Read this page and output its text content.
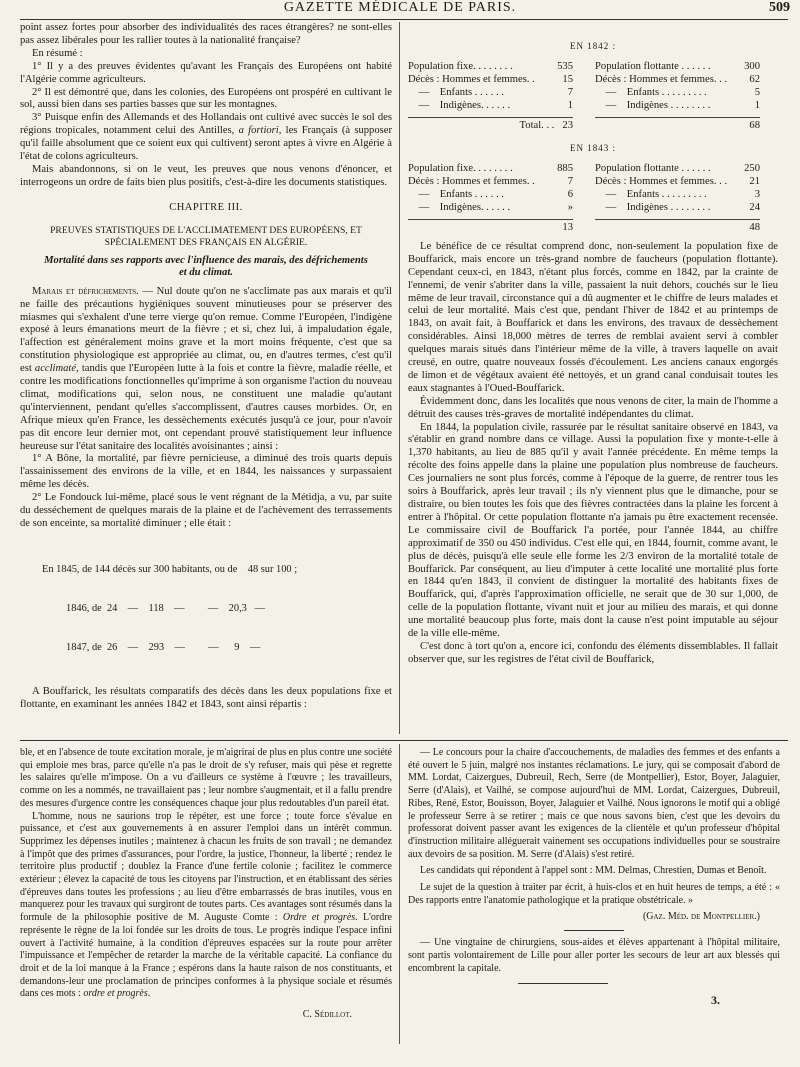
GAZETTE MÉDICALE DE PARIS.	509

point assez fortes pour absorber des individualités des races étrangères? ne sont-elles pas assez libérales pour les rallier toutes à la nationalité française?

En résumé :

1° Il y a des preuves évidentes qu'avant les Français des Européens ont habité l'Algérie comme agriculteurs.

2° Il est démontré que, dans les colonies, des Européens ont prospéré en cultivant le sol, aussi bien dans ses parties basses que sur les montagnes.

3° Puisque enfin des Allemands et des Hollandais ont cultivé avec succès le sol des régions tropicales, notamment celui des Antilles, a fortiori, les Français (à supposer qu'il faille absolument que ce soient eux qui cultivent) seront aptes à vivre en Algérie à l'état de colons agriculteurs.

Mais abandonnons, si on le veut, les preuves que nous venons d'énoncer, et interrogeons un ordre de faits bien plus positifs, c'est-à-dire les documents statistiques.

CHAPITRE III.

PREUVES STATISTIQUES DE L'ACCLIMATEMENT DES EUROPÉENS, ET SPÉCIALEMENT DES FRANÇAIS EN ALGÉRIE.

Mortalité dans ses rapports avec l'influence des marais, des défrichements et du climat.

Marais et défrichements. — Nul doute qu'on ne s'acclimate pas aux marais et qu'il ne faille des précautions hygiéniques souvent minutieuses pour se préserver des miasmes qui s'exhalent d'une terre vierge qu'on remue. Comme l'Européen, l'indigène exposé à leurs émanations meurt de la fièvre ; et si, chez lui, à impaludation égale, l'affection est généralement moins grave et la mort moins fréquente, c'est que sa constitution physiologique est appropriée au climat, ou, en d'autres termes, c'est qu'il est acclimaté, tandis que l'Européen lutte à la fois et contre la fièvre, maladie réelle, et contre les modifications fonctionnelles qu'imprime à son organisme l'action du nouveau climat, modifications qui, selon nous, ne constituent une maladie qu'autant qu'interviennent, pendant qu'elles s'accomplissent, d'autres causes morbides. Or, en Afrique mieux qu'en France, les dessèchements exécutés jusqu'à ce jour, pour n'avoir pas dit encore leur dernier mot, ont cependant prouvé statistiquement leur influence heureuse sur l'état sanitaire des localités avoisinantes ; ainsi :

1° A Bône, la mortalité, par fièvre pernicieuse, a diminué des trois quarts depuis l'assainissement des environs de la ville, et en 1844, les naissances y surpassaient même les décès.

2° Le Fondouck lui-même, placé sous le vent régnant de la Métidja, a vu, par suite du desséchement de quelques marais de la plaine et de l'achèvement des terrassements de son enceinte, sa mortalité diminuer ; elle était :

En 1845, de 144 décès sur 300 habitants, ou de    48 sur 100 ;

1846, de  24    —    118    —         —    20,3   —

1847, de  26    —    293    —         —      9    —

A Bouffarick, les résultats comparatifs des décès dans les deux populations fixe et flottante, en examinant les années 1842 et 1843, sont ainsi répartis :

EN 1842 :
Population fixe. . . . . . . .	535
Décès : Hommes et femmes. .	15
—    Enfants . . . . . .	7
—    Indigènes. . . . . .	1
Population flottante . . . . . .	300
Décès : Hommes et femmes. . . 62
—    Enfants . . . . . . . . .	5
—    Indigènes . . . . . . . .	1
Total. . . 23	68
EN 1843 :
Population fixe. . . . . . . .	885
Décès : Hommes et femmes. .	7
—    Enfants . . . . . .	6
—    Indigènes. . . . . .	»
Population flottante . . . . . .	250
Décès : Hommes et femmes. . . 21
—    Enfants . . . . . . . . .	3
—    Indigènes . . . . . . . .	24
13	48

Le bénéfice de ce résultat comprend donc, non-seulement la population fixe de Bouffarick, mais encore un très-grand nombre de faucheurs (population flottante). Cependant ceux-ci, en 1843, n'étant plus forcés, comme en 1842, par la crainte de l'ennemi, de venir s'abriter dans la ville, passaient la nuit dehors, couchés sur le lieu même de leur travail, circonstance qui a dû augmenter et le chiffre de leurs malades et celui de leur mortalité. Mais c'est que, pendant l'hiver de 1842 et au printemps de 1843, on avait fait, à Bouffarick et dans les environs, des travaux de dessèchement considérables. Ainsi 18,000 mètres de terres de remblai avaient servi à combler quelques marais situés dans l'intérieur même de la ville, à travers laquelle on avait creusé, en outre, quatre nouveaux fossés d'écoulement. Les anciens canaux engorgés de limon et de végétaux avaient été nettoyés, et un grand canal conduisait toutes les eaux stagnantes à l'Oued-Bouffarick.

Évidemment donc, dans les localités que nous venons de citer, la main de l'homme a détruit des causes très-graves de mortalité indépendantes du climat.

En 1844, la population civile, rassurée par le résultat sanitaire observé en 1843, va s'établir en grand nombre dans ce village. Aussi la population fixe y monte-t-elle à 1,370 habitants, au lieu de 885 qu'il y avait l'année précédente. En même temps la récolte des foins appelle dans la plaine une population plus nombreuse de faucheurs. Ces journaliers ne sont plus forcés, comme à l'époque de la guerre, de rentrer tous les soirs à Bouffarick, après leur travail ; ils n'y viennent plus que le dimanche, pour se distraire, ou bien toutes les fois que des fièvres contractées dans la plaine les forcent à entrer à l'hôpital. Or cette population flottante n'a jamais pu être exactement recensée. Le commissaire civil de Bouffarick l'a portée, pour l'année 1844, au chiffre approximatif de 350 ou 450 individus. C'est elle qui, en 1844, fournit, comme avant, le plus de décès, puisqu'à elle seule elle forme les 2/3 environ de la mortalité totale de Bouffarick. Par conséquent, au lieu d'imputer à cette localité une mortalité plus forte en 1844 qu'en 1843, il convient de distinguer la mortalité des habitants fixes de Bouffarick, qui, d'après l'approximation officielle, ne serait que de 30 sur 1,000, de celle de la population flottante, vivant nuit et jour au milieu des marais, et qui donne une mortalité beaucoup plus forte, mais dont la cause n'est point imputable au séjour de la ville elle-même.

C'est donc à tort qu'on a, encore ici, confondu des éléments dissemblables. Il fallait observer que, sur les registres de l'état civil de Bouffarick,

ble, et en l'absence de toute excitation morale, je m'aigrirai de plus en plus contre une société qui emploie mes bras, parce qu'elle n'a pas le droit de s'y refuser, mais qui pèse et regrette les salaires qu'elle m'impose. On a vu d'ailleurs ce système à l'œuvre ; les travailleurs, comme on les a nommés, ne travaillaient pas ; leur nombre s'augmentait, et il a fallu prendre des mesures d'urgence contre les conséquences chaque jour plus redoutables d'un pareil état.

L'homme, nous ne saurions trop le répéter, est une force ; toute force s'évalue en puissance, et c'est aux gouvernements à en assurer l'emploi dans un intérêt commun. Supprimez les dépenses inutiles ; maintenez à chacun les fruits de son travail ; ne demandez à l'impôt que des primes d'assurances, pour l'ordre, la justice, l'honneur, la liberté ; rendez le territoire plus productif ; doublez la France d'une fertile colonie ; facilitez le commerce extérieur ; élevez la capacité de tous les citoyens par l'instruction, et en établissant des séries d'épreuves dans toutes les professions ; au lieu d'être embarrassés de bras inutiles, vous en manquerez pour les travaux qui surgiront de toutes parts. Ces avantages sont résumés dans la formule de la philosophie positive de M. Auguste Comte : Ordre et progrès. L'ordre représente le règne de la loi fondée sur les droits de tous. Le progrès indique l'espace infini ouvert à l'activité humaine, à la condition d'épreuves espacées sur la route pour arrêter l'impuissance et l'empêcher de retarder la marche de la véritable capacité. La confiance du droit et de la loi manque à la France ; espérons dans la haute raison de nos constituants, et demandons-leur une proclamation de principes conformes à la physique sociale et résumés dans ces mots : ordre et progrès.

C. Sédillot.

— Le concours pour la chaire d'accouchements, de maladies des femmes et des enfants a été ouvert le 5 juin, malgré nos instantes réclamations. Le jury, qui se composait d'abord de MM. Lordat, Caizergues, Dubreuil, Rech, Serre (de Montpellier), Estor, Boyer, Jalaguier, Serre (d'Alais), et Vailhé, se compose aujourd'hui de MM. Lordat, Caizergues, Dubreuil, Ribes, René, Estor, Bouisson, Boyer, Jalaguier et Vailhé. Nous ignorons le motif qui a obligé le professeur Serre à se retirer ; mais ce que nous savons bien, c'est que les devoirs du professorat doivent passer avant les exigences de la clientèle et qu'un professeur d'hôpital d'instruction militaire alléguerait vainement ses occupations individuelles pour se soustraire aux devoirs de sa position. M. Serre (d'Alais) s'est retiré.

Les candidats qui répondent à l'appel sont : MM. Delmas, Chrestien, Dumas et Benoît.

Le sujet de la question à traiter par écrit, à huis-clos et en huit heures de temps, a été : « Des rapports entre l'anatomie pathologique et la pratique obstétricale. »

(Gaz. Méd. de Montpellier.)

— Une vingtaine de chirurgiens, sous-aides et élèves appartenant à l'hôpital militaire, sont partis volontairement de Lille pour aller porter les secours de leur art aux blessés qui encombrent la capitale.

3.
